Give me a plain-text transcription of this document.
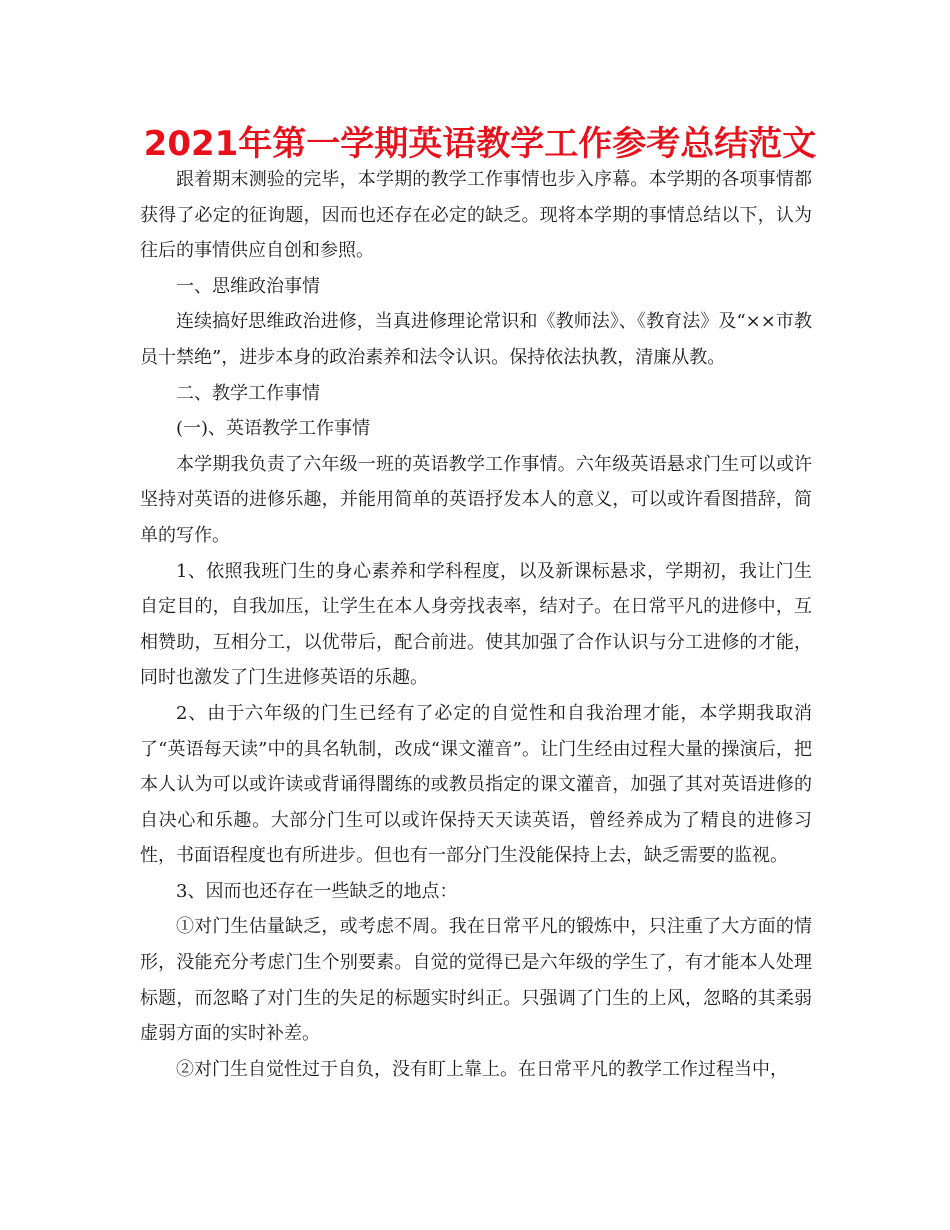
2021年第一学期英语教学工作参考总结范文

跟着期末测验的完毕，本学期的教学工作事情也步入序幕。本学期的各项事情都获得了必定的征询题，因而也还存在必定的缺乏。现将本学期的事情总结以下，认为往后的事情供应自创和参照。

一、思维政治事情

连续搞好思维政治进修，当真进修理论常识和《教师法》、《教育法》及“××市教员十禁绝”，进步本身的政治素养和法令认识。保持依法执教，清廉从教。

二、教学工作事情

(一)、英语教学工作事情

本学期我负责了六年级一班的英语教学工作事情。六年级英语悬求门生可以或许坚持对英语的进修乐趣，并能用简单的英语抒发本人的意义，可以或许看图措辞，简单的写作。

1、依照我班门生的身心素养和学科程度，以及新课标悬求，学期初，我让门生自定目的，自我加压，让学生在本人身旁找表率，结对子。在日常平凡的进修中，互相赞助，互相分工，以优带后，配合前进。使其加强了合作认识与分工进修的才能，同时也激发了门生进修英语的乐趣。

2、由于六年级的门生已经有了必定的自觉性和自我治理才能，本学期我取消了“英语每天读”中的具名轨制，改成“课文灌音”。让门生经由过程大量的操演后，把本人认为可以或许读或背诵得闇练的或教员指定的课文灌音，加强了其对英语进修的自决心和乐趣。大部分门生可以或许保持天天读英语，曾经养成为了精良的进修习性，书面语程度也有所进步。但也有一部分门生没能保持上去，缺乏需要的监视。

3、因而也还存在一些缺乏的地点：

①对门生估量缺乏，或考虑不周。我在日常平凡的锻炼中，只注重了大方面的情形，没能充分考虑门生个别要素。自觉的觉得已是六年级的学生了，有才能本人处理标题，而忽略了对门生的失足的标题实时纠正。只强调了门生的上风，忽略的其柔弱虚弱方面的实时补差。

②对门生自觉性过于自负，没有盯上靠上。在日常平凡的教学工作过程当中，
